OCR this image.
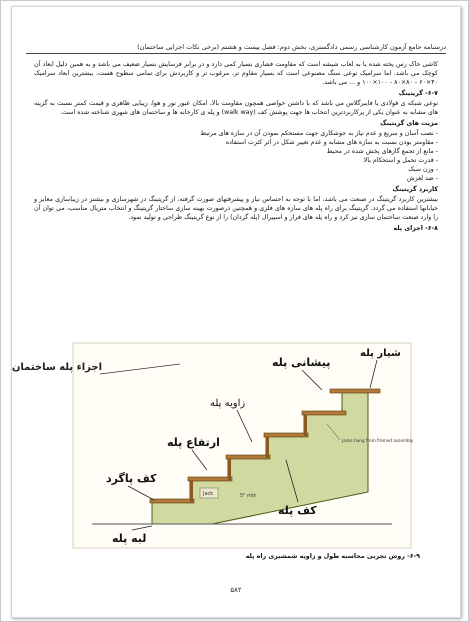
درسنامه جامع آزمون کارشناسی رسمی دادگستری، بخش دوم: فصل بیست و هشتم (برخی نکات اجرایی ساختمان)

کاشی خاک رس پخته شده یا به لعاب شیشه است که مقاومت فشاری بسیار کمی دارد و در برابر فرسایش بسیار ضعیف می باشد و به همین دلیل ابعاد آن کوچک می باشد. اما سرامیک نوعی سنگ مصنوعی است که بسیار مقاوم تر، مرغوب تر و کاربردش برای تمامی سطوح هست. بیشترین ابعاد سرامیک ۴۰×۶۰ - ۸۰×۸۰ - ۱۰۰×۱۰۰ و ... می باشد.

۶-۷- گریتینگ

نوعی شبکه ی فولادی یا فایبرگلاس می باشد که با داشتن خواصی همچون مقاومت بالا، امکان عبور نور و هوا، زیبایی ظاهری و قیمت کمتر نسبت به گزینه های مشابه به عنوان یکی از پرکاربردترین انتخاب ها جهت پوشش کف (walk way) و پله ی کارخانه ها و ساختمان های شهری شناخته شده است.

مزیت های گریتینگ

- نصب آسان و سریع و عدم نیاز به جوشکاری جهت مستحکم نمودن آن در سازه های مرتبط
- مقاومتر بودن نسبت به سازه های مشابه و عدم تغییر شکل در اثر کثرت استفاده
- مانع از تجمع گازهای پخش شده در محیط
- قدرت تحمل و استحکام بالا
- وزن سبک
- ضد لغزش

کاربرد گریتینگ

بیشترین کاربرد گریتینگ در صنعت می باشد، اما با توجه به احساس نیاز و پیشرفتهای صورت گرفته، از گریتینگ در شهرسازی و بیشتر در زیباسازی معابر و خیابانها استفاده می گردد. گریتینگ برای راه پله های سازه های فلزی و همچنین درصورت بهینه سازی ساختار گریتینگ و انتخاب متریال مناسب، می توان آن را وارد صنعت ساختمان سازی نیز کرد و راه پله های فرار و اسپیرال (پله گردان) را از نوع گریتینگ طراحی و تولید نمود.

۶-۸- اجزای پله

Jack	5" min
Jacks hang from framed assembly
اجزاء پله ساختمان	پیشانی پله
شیار پله
زاویه پله
ارتفاع پله
کف پاگرد
کف پله
لبه پله
۶-۹- روش تجربی محاسبه طول و زاویه شمشیری راه پله
۵۸۲
